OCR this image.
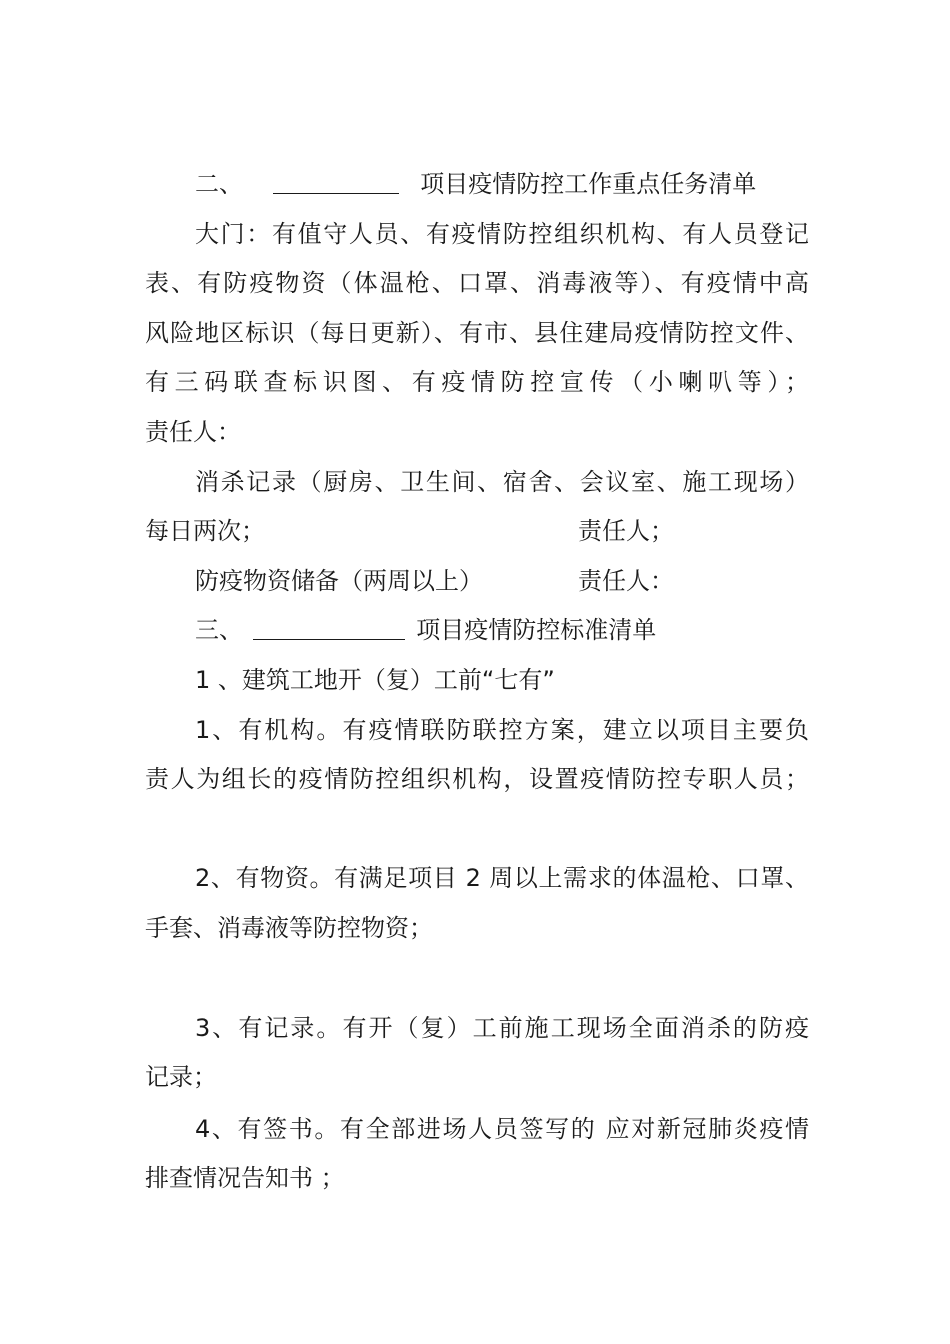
二、	项目疫情防控工作重点任务清单
大门：有值守人员、有疫情防控组织机构、有人员登记
表、有防疫物资（体温枪、口罩、消毒液等）、有疫情中高
风险地区标识（每日更新）、有市、县住建局疫情防控文件、
有三码联查标识图、有疫情防控宣传（小喇叭等）；
责任人：
消杀记录（厨房、卫生间、宿舍、会议室、施工现场）
每日两次；	责任人；
防疫物资储备（两周以上）	责任人：
三、	项目疫情防控标准清单
1 、建筑工地开（复）工前“七有”
1、有机构。有疫情联防联控方案，建立以项目主要负
责人为组长的疫情防控组织机构，设置疫情防控专职人员；
2、有物资。有满足项目 2 周以上需求的体温枪、口罩、
手套、消毒液等防控物资；
3、有记录。有开（复）工前施工现场全面消杀的防疫
记录；
4、有签书。有全部进场人员签写的 应对新冠肺炎疫情
排查情况告知书 ；
